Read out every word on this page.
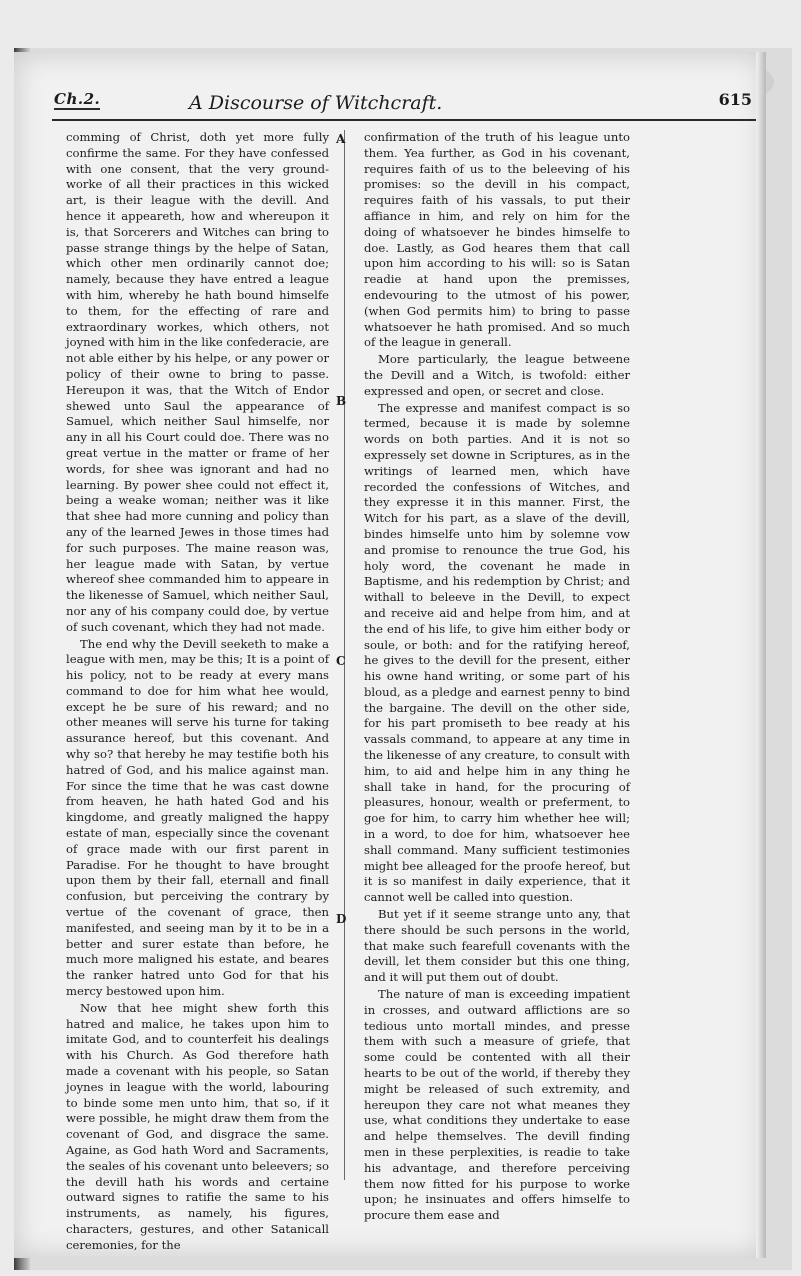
Ch.2.	A Discourse of Witchcraft.	615

comming of Christ, doth yet more fully confirme the same. For they have confessed with one consent, that the very ground-worke of all their practices in this wicked art, is their league with the devill. And hence it appeareth, how and whereupon it is, that Sorcerers and Witches can bring to passe strange things by the helpe of Satan, which other men ordinarily cannot doe; namely, because they have entred a league with him, whereby he hath bound himselfe to them, for the effecting of rare and extraordinary workes, which others, not joyned with him in the like confederacie, are not able either by his helpe, or any power or policy of their owne to bring to passe. Hereupon it was, that the Witch of Endor shewed unto Saul the appearance of Samuel, which neither Saul himselfe, nor any in all his Court could doe. There was no great vertue in the matter or frame of her words, for shee was ignorant and had no learning. By power shee could not effect it, being a weake woman; neither was it like that shee had more cunning and policy than any of the learned Jewes in those times had for such purposes. The maine reason was, her league made with Satan, by vertue whereof shee commanded him to appeare in the likenesse of Samuel, which neither Saul, nor any of his company could doe, by vertue of such covenant, which they had not made.

The end why the Devill seeketh to make a league with men, may be this; It is a point of his policy, not to be ready at every mans command to doe for him what hee would, except he be sure of his reward; and no other meanes will serve his turne for taking assurance hereof, but this covenant. And why so? that hereby he may testifie both his hatred of God, and his malice against man. For since the time that he was cast downe from heaven, he hath hated God and his kingdome, and greatly maligned the happy estate of man, especially since the covenant of grace made with our first parent in Paradise. For he thought to have brought upon them by their fall, eternall and finall confusion, but perceiving the contrary by vertue of the covenant of grace, then manifested, and seeing man by it to be in a better and surer estate than before, he much more maligned his estate, and beares the ranker hatred unto God for that his mercy bestowed upon him.

Now that hee might shew forth this hatred and malice, he takes upon him to imitate God, and to counterfeit his dealings with his Church. As God therefore hath made a covenant with his people, so Satan joynes in league with the world, labouring to binde some men unto him, that so, if it were possible, he might draw them from the covenant of God, and disgrace the same. Againe, as God hath Word and Sacraments, the seales of his covenant unto beleevers; so the devill hath his words and certaine outward signes to ratifie the same to his instruments, as namely, his figures, characters, gestures, and other Satanicall ceremonies, for the

A
B
C
D

confirmation of the truth of his league unto them. Yea further, as God in his covenant, requires faith of us to the beleeving of his promises: so the devill in his compact, requires faith of his vassals, to put their affiance in him, and rely on him for the doing of whatsoever he bindes himselfe to doe. Lastly, as God heares them that call upon him according to his will: so is Satan readie at hand upon the premisses, endevouring to the utmost of his power, (when God permits him) to bring to passe whatsoever he hath promised. And so much of the league in generall.

More particularly, the league betweene the Devill and a Witch, is twofold: either expressed and open, or secret and close.

The expresse and manifest compact is so termed, because it is made by solemne words on both parties. And it is not so expressely set downe in Scriptures, as in the writings of learned men, which have recorded the confessions of Witches, and they expresse it in this manner. First, the Witch for his part, as a slave of the devill, bindes himselfe unto him by solemne vow and promise to renounce the true God, his holy word, the covenant he made in Baptisme, and his redemption by Christ; and withall to beleeve in the Devill, to expect and receive aid and helpe from him, and at the end of his life, to give him either body or soule, or both: and for the ratifying hereof, he gives to the devill for the present, either his owne hand writing, or some part of his bloud, as a pledge and earnest penny to bind the bargaine. The devill on the other side, for his part promiseth to bee ready at his vassals command, to appeare at any time in the likenesse of any creature, to consult with him, to aid and helpe him in any thing he shall take in hand, for the procuring of pleasures, honour, wealth or preferment, to goe for him, to carry him whether hee will; in a word, to doe for him, whatsoever hee shall command. Many sufficient testimonies might bee alleaged for the proofe hereof, but it is so manifest in daily experience, that it cannot well be called into question.

But yet if it seeme strange unto any, that there should be such persons in the world, that make such fearefull covenants with the devill, let them consider but this one thing, and it will put them out of doubt.

The nature of man is exceeding impatient in crosses, and outward afflictions are so tedious unto mortall mindes, and presse them with such a measure of griefe, that some could be contented with all their hearts to be out of the world, if thereby they might be released of such extremity, and hereupon they care not what meanes they use, what conditions they undertake to ease and helpe themselves. The devill finding men in these perplexities, is readie to take his advantage, and therefore perceiving them now fitted for his purpose to worke upon; he insinuates and offers himselfe to procure them ease and
